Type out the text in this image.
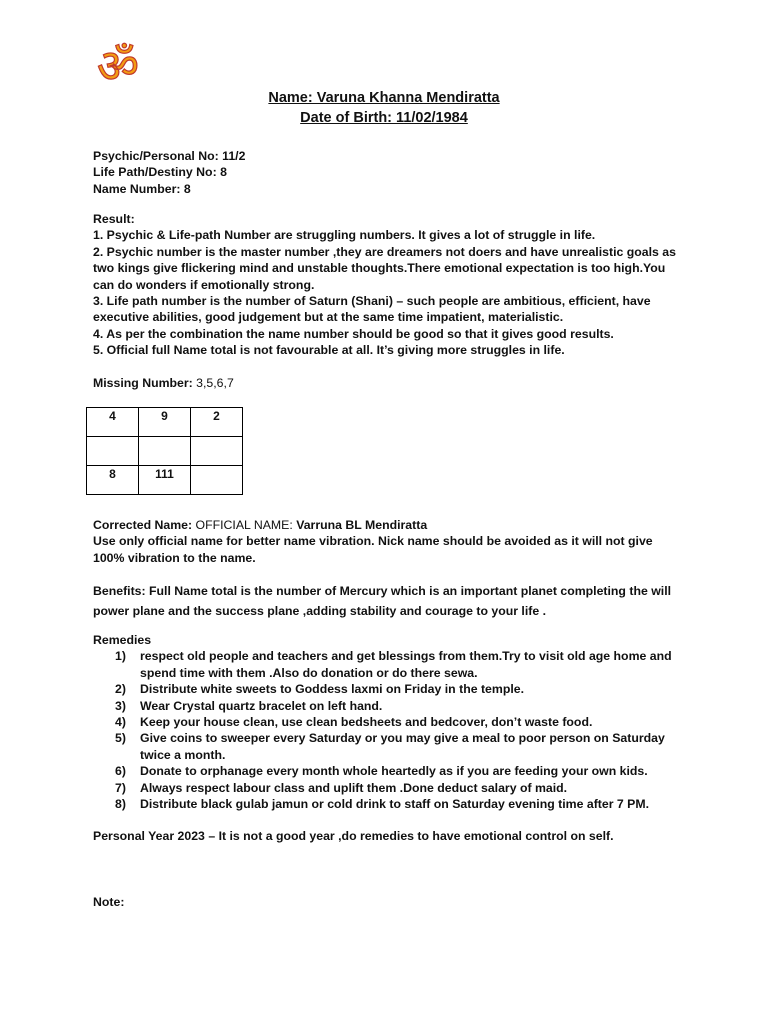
ॐ
Name: Varuna Khanna Mendiratta
Date of Birth: 11/02/1984

Psychic/Personal No: 11/2

Life Path/Destiny No: 8

Name Number: 8

Result:

1. Psychic & Life-path Number are struggling numbers. It gives a lot of struggle in life.

2. Psychic number is the master number ,they are dreamers not doers and have unrealistic goals as two kings give flickering mind and unstable thoughts.There emotional expectation is too high.You can do wonders if emotionally strong.

3. Life path number is the number of Saturn (Shani) – such people are ambitious, efficient, have executive abilities, good judgement but at the same time impatient, materialistic.

4. As per the combination the name number should be good so that it gives good results.

5. Official full Name total is not favourable at all. It’s giving more struggles in life.

Missing Number: 3,5,6,7
4	9	2

8	111	

Corrected Name: OFFICIAL NAME: Varruna BL Mendiratta

Use only official name for better name vibration. Nick name should be avoided as it will not give 100% vibration to the name.

Benefits: Full Name total is the number of Mercury which is an important planet completing the will power plane and the success plane ,adding stability and courage to your life .

Remedies

1) respect old people and teachers and get blessings from them.Try to visit old age home and spend time with them .Also do donation or do there sewa.
2) Distribute white sweets to Goddess laxmi on Friday in the temple.
3) Wear Crystal quartz bracelet on left hand.
4) Keep your house clean, use clean bedsheets and bedcover, don’t waste food.
5) Give coins to sweeper every Saturday or you may give a meal to poor person on Saturday twice a month.
6) Donate to orphanage every month whole heartedly as if you are feeding your own kids.
7) Always respect labour class and uplift them .Done deduct salary of maid.
8) Distribute black gulab jamun or cold drink to staff on Saturday evening time after 7 PM.
Personal Year 2023 – It is not a good year ,do remedies to have emotional control on self.
Note:
